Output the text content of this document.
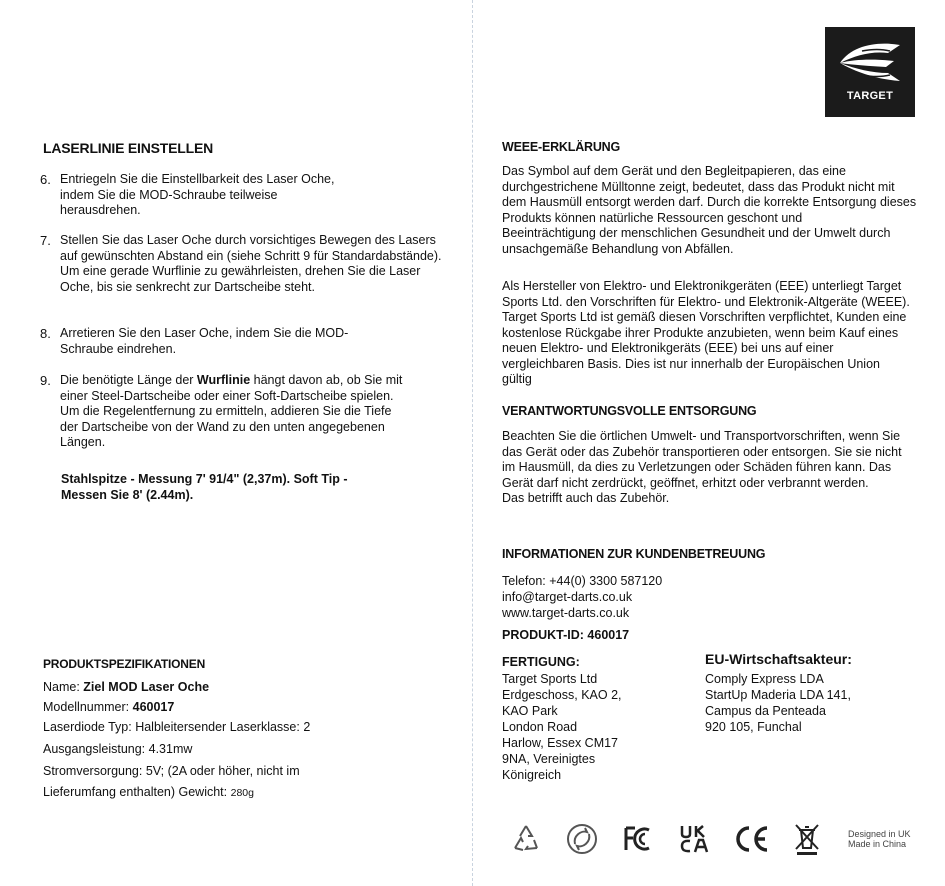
TARGET
LASERLINIE EINSTELLEN
6. Entriegeln Sie die Einstellbarkeit des Laser Oche, indem Sie die MOD-Schraube teilweise herausdrehen.
7. Stellen Sie das Laser Oche durch vorsichtiges Bewegen des Lasers auf gewünschten Abstand ein (siehe Schritt 9 für Standardabstände). Um eine gerade Wurflinie zu gewährleisten, drehen Sie die Laser Oche, bis sie senkrecht zur Dartscheibe steht.
8. Arretieren Sie den Laser Oche, indem Sie die MOD-Schraube eindrehen.
9. Die benötigte Länge der Wurflinie hängt davon ab, ob Sie mit einer Steel-Dartscheibe oder einer Soft-Dartscheibe spielen. Um die Regelentfernung zu ermitteln, addieren Sie die Tiefe der Dartscheibe von der Wand zu den unten angegebenen Längen.
Stahlspitze - Messung 7' 91/4" (2,37m). Soft Tip - Messen Sie 8' (2.44m).
PRODUKTSPEZIFIKATIONEN
Name: Ziel MOD Laser Oche
Modellnummer: 460017
Laserdiode Typ: Halbleitersender Laserklasse: 2
Ausgangsleistung: 4.31mw
Stromversorgung: 5V; (2A oder höher, nicht im
Lieferumfang enthalten) Gewicht: 280g
WEEE-ERKLÄRUNG

Das Symbol auf dem Gerät und den Begleitpapieren, das eine durchgestrichene Mülltonne zeigt, bedeutet, dass das Produkt nicht mit dem Hausmüll entsorgt werden darf. Durch die korrekte Entsorgung dieses Produkts können natürliche Ressourcen geschont und

Beeinträchtigung der menschlichen Gesundheit und der Umwelt durch unsachgemäße Behandlung von Abfällen.

Als Hersteller von Elektro- und Elektronikgeräten (EEE) unterliegt Target Sports Ltd. den Vorschriften für Elektro- und Elektronik-Altgeräte (WEEE). Target Sports Ltd ist gemäß diesen Vorschriften verpflichtet, Kunden eine kostenlose Rückgabe ihrer Produkte anzubieten, wenn beim Kauf eines neuen Elektro- und Elektronikgeräts (EEE) bei uns auf einer vergleichbaren Basis. Dies ist nur innerhalb der Europäischen Union gültig
VERANTWORTUNGSVOLLE ENTSORGUNG

Beachten Sie die örtlichen Umwelt- und Transportvorschriften, wenn Sie das Gerät oder das Zubehör transportieren oder entsorgen. Sie sie nicht im Hausmüll, da dies zu Verletzungen oder Schäden führen kann. Das Gerät darf nicht zerdrückt, geöffnet, erhitzt oder verbrannt werden.

Das betrifft auch das Zubehör.

INFORMATIONEN ZUR KUNDENBETREUUNG
Telefon: +44(0) 3300 587120
info@target-darts.co.uk
www.target-darts.co.uk
PRODUKT-ID: 460017
FERTIGUNG:
Target Sports Ltd
Erdgeschoss, KAO 2,
KAO Park
London Road
Harlow, Essex CM17
9NA, Vereinigtes
Königreich
EU-Wirtschaftsakteur:
Comply Express LDA
StartUp Maderia LDA 141,
Campus da Penteada
920 105, Funchal
Designed in UK
Made in China
